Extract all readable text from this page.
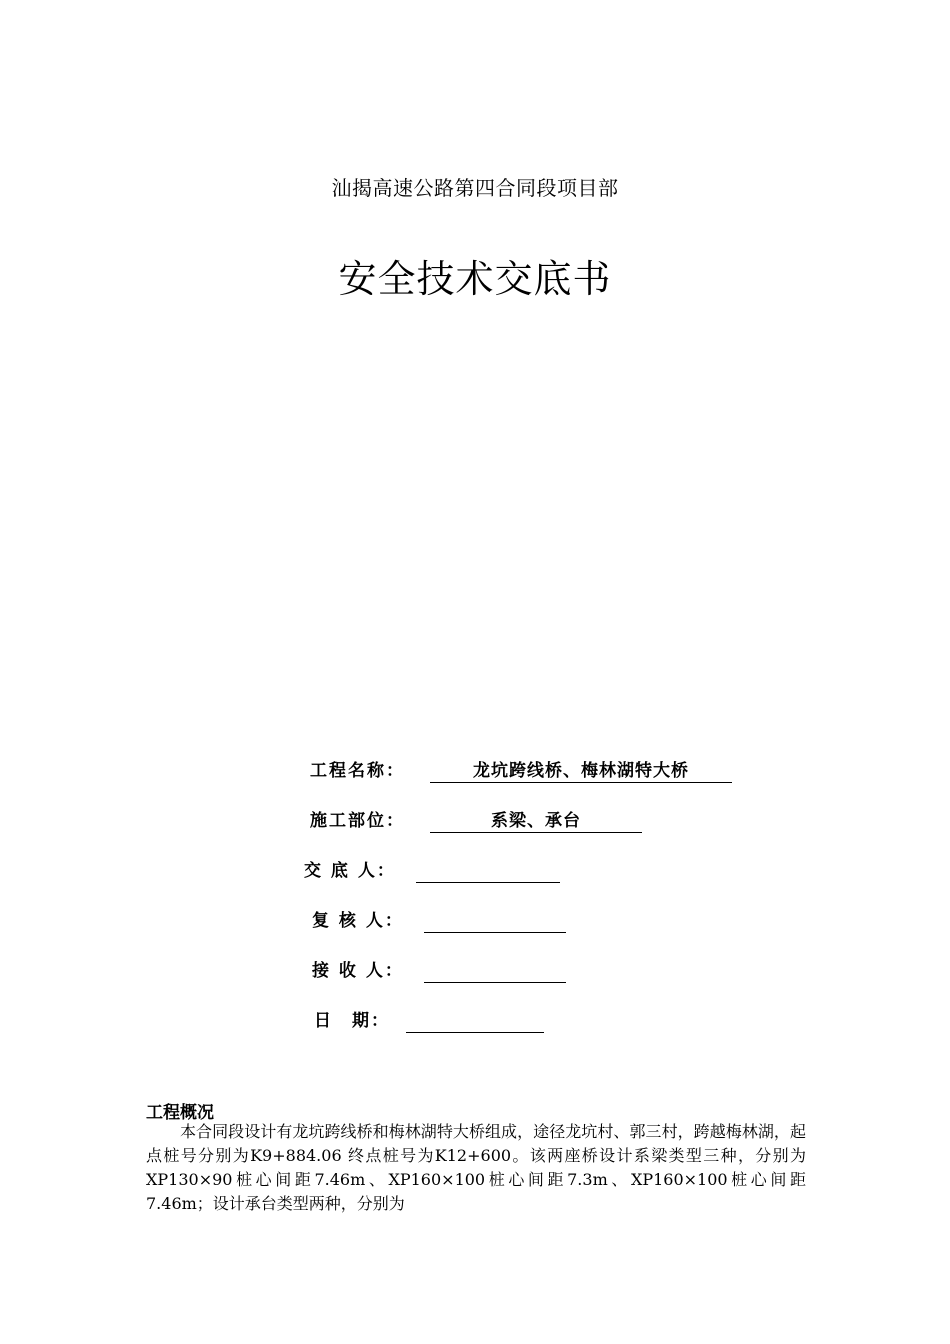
汕揭高速公路第四合同段项目部
安全技术交底书
工程名称：	龙坑跨线桥、梅林湖特大桥
施工部位：	系梁、承台
交 底 人：
复 核 人：
接 收 人：
日　期：
工程概况
本合同段设计有龙坑跨线桥和梅林湖特大桥组成，途径龙坑村、郭三村，跨越梅林湖，起点桩号分别为K9+884.06 终点桩号为K12+600。该两座桥设计系梁类型三种，分别为XP130×90桩心间距7.46m、XP160×100桩心间距7.3m、XP160×100桩心间距7.46m；设计承台类型两种，分别为
